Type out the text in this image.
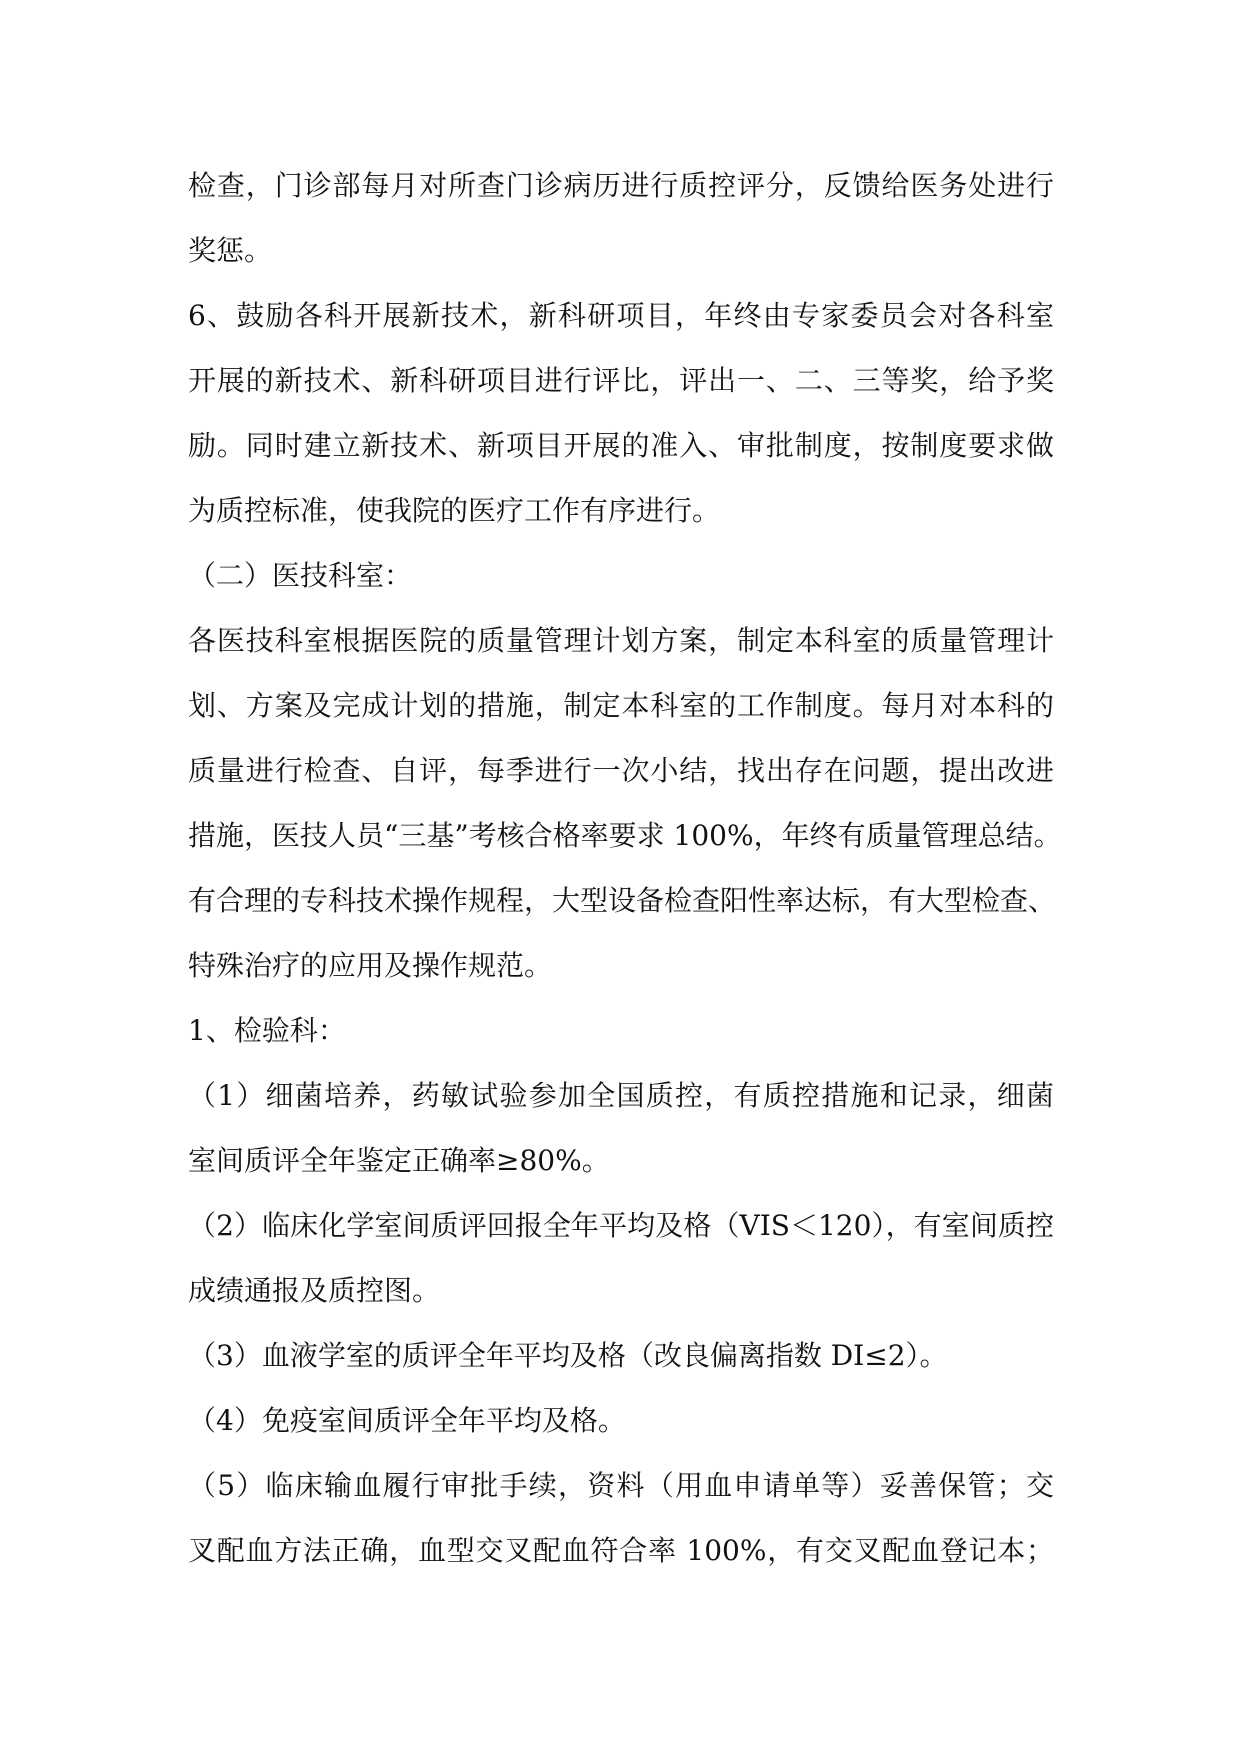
检查，门诊部每月对所查门诊病历进行质控评分，反馈给医务处进行
奖惩。
6、鼓励各科开展新技术，新科研项目，年终由专家委员会对各科室
开展的新技术、新科研项目进行评比，评出一、二、三等奖，给予奖
励。同时建立新技术、新项目开展的准入、审批制度，按制度要求做
为质控标准，使我院的医疗工作有序进行。
（二）医技科室：
各医技科室根据医院的质量管理计划方案，制定本科室的质量管理计
划、方案及完成计划的措施，制定本科室的工作制度。每月对本科的
质量进行检查、自评，每季进行一次小结，找出存在问题，提出改进
措施，医技人员“三基”考核合格率要求 100%，年终有质量管理总结。
有合理的专科技术操作规程，大型设备检查阳性率达标，有大型检查、
特殊治疗的应用及操作规范。
1、检验科：
（1）细菌培养，药敏试验参加全国质控，有质控措施和记录，细菌
室间质评全年鉴定正确率≥80%。
（2）临床化学室间质评回报全年平均及格（VIS＜120），有室间质控
成绩通报及质控图。
（3）血液学室的质评全年平均及格（改良偏离指数 DI≤2）。
（4）免疫室间质评全年平均及格。
（5）临床输血履行审批手续，资料（用血申请单等）妥善保管；交
叉配血方法正确，血型交叉配血符合率 100%，有交叉配血登记本；
